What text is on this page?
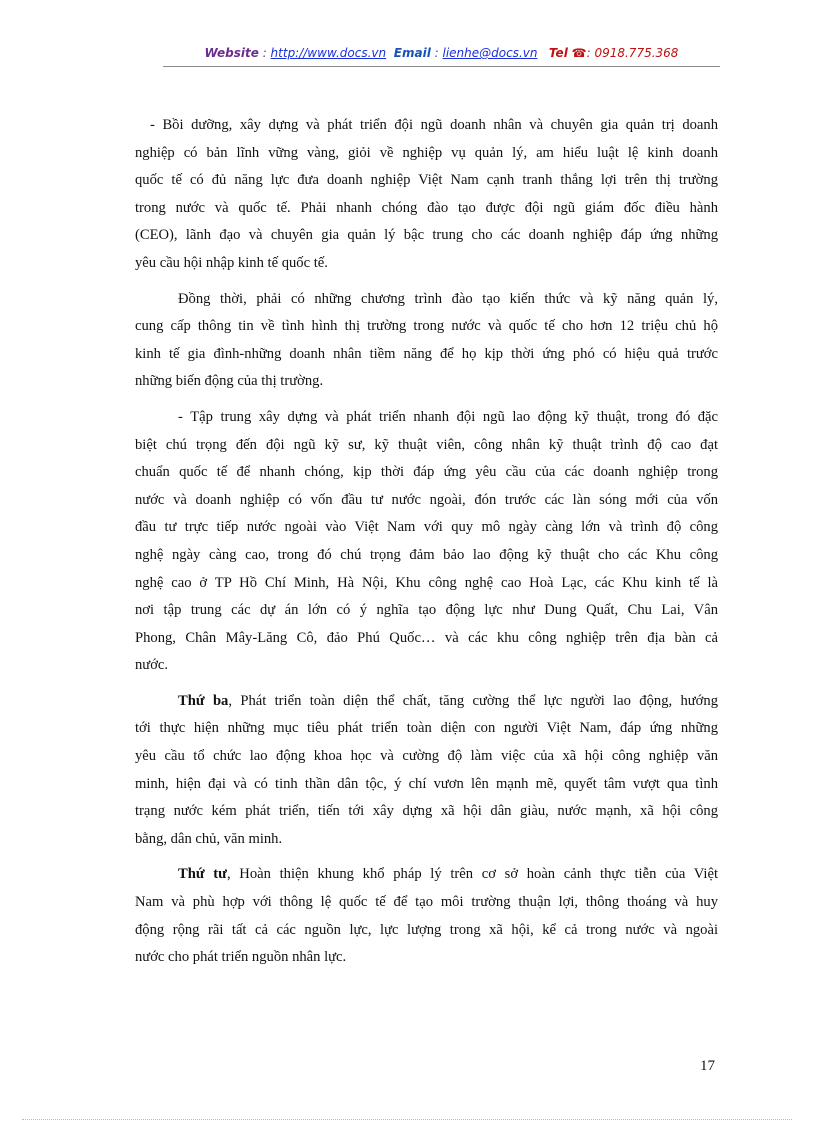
Website : http://www.docs.vn Email : lienhe@docs.vn Tel ☎: 0918.775.368
- Bồi dưỡng, xây dựng và phát triển đội ngũ doanh nhân và chuyên gia quản trị doanh
nghiệp có bản lĩnh vững vàng, giỏi về nghiệp vụ quản lý, am hiểu luật lệ kinh doanh
quốc tế có đủ năng lực đưa doanh nghiệp Việt Nam cạnh tranh thắng lợi trên thị trường
trong nước và quốc tế. Phải nhanh chóng đào tạo được đội ngũ giám đốc điều hành
(CEO), lãnh đạo và chuyên gia quản lý bậc trung cho các doanh nghiệp đáp ứng những
yêu cầu hội nhập kinh tế quốc tế.
Đồng thời, phải có những chương trình đào tạo kiến thức và kỹ năng quản lý,
cung cấp thông tin về tình hình thị trường trong nước và quốc tế cho hơn 12 triệu chủ hộ
kinh tế gia đình-những doanh nhân tiềm năng để họ kịp thời ứng phó có hiệu quả trước
những biến động của thị trường.
- Tập trung xây dựng và phát triển nhanh đội ngũ lao động kỹ thuật, trong đó đặc
biệt chú trọng đến đội ngũ kỹ sư, kỹ thuật viên, công nhân kỹ thuật trình độ cao đạt
chuẩn quốc tế để nhanh chóng, kịp thời đáp ứng yêu cầu của các doanh nghiệp trong
nước và doanh nghiệp có vốn đầu tư nước ngoài, đón trước các làn sóng mới của vốn
đầu tư trực tiếp nước ngoài vào Việt Nam với quy mô ngày càng lớn và trình độ công
nghệ ngày càng cao, trong đó chú trọng đảm bảo lao động kỹ thuật cho các Khu công
nghệ cao ở TP Hồ Chí Minh, Hà Nội, Khu công nghệ cao Hoà Lạc, các Khu kinh tế là
nơi tập trung các dự án lớn có ý nghĩa tạo động lực như Dung Quất, Chu Lai, Vân
Phong, Chân Mây-Lăng Cô, đảo Phú Quốc… và các khu công nghiệp trên địa bàn cả
nước.
Thứ ba, Phát triển toàn diện thể chất, tăng cường thể lực người lao động, hướng
tới thực hiện những mục tiêu phát triển toàn diện con người Việt Nam, đáp ứng những
yêu cầu tổ chức lao động khoa học và cường độ làm việc của xã hội công nghiệp văn
minh, hiện đại và có tinh thần dân tộc, ý chí vươn lên mạnh mẽ, quyết tâm vượt qua tình
trạng nước kém phát triển, tiến tới xây dựng xã hội dân giàu, nước mạnh, xã hội công
bằng, dân chủ, văn minh.
Thứ tư, Hoàn thiện khung khổ pháp lý trên cơ sở hoàn cảnh thực tiễn của Việt
Nam và phù hợp với thông lệ quốc tế để tạo môi trường thuận lợi, thông thoáng và huy
động rộng rãi tất cả các nguồn lực, lực lượng trong xã hội, kể cả trong nước và ngoài
nước cho phát triển nguồn nhân lực.
17
